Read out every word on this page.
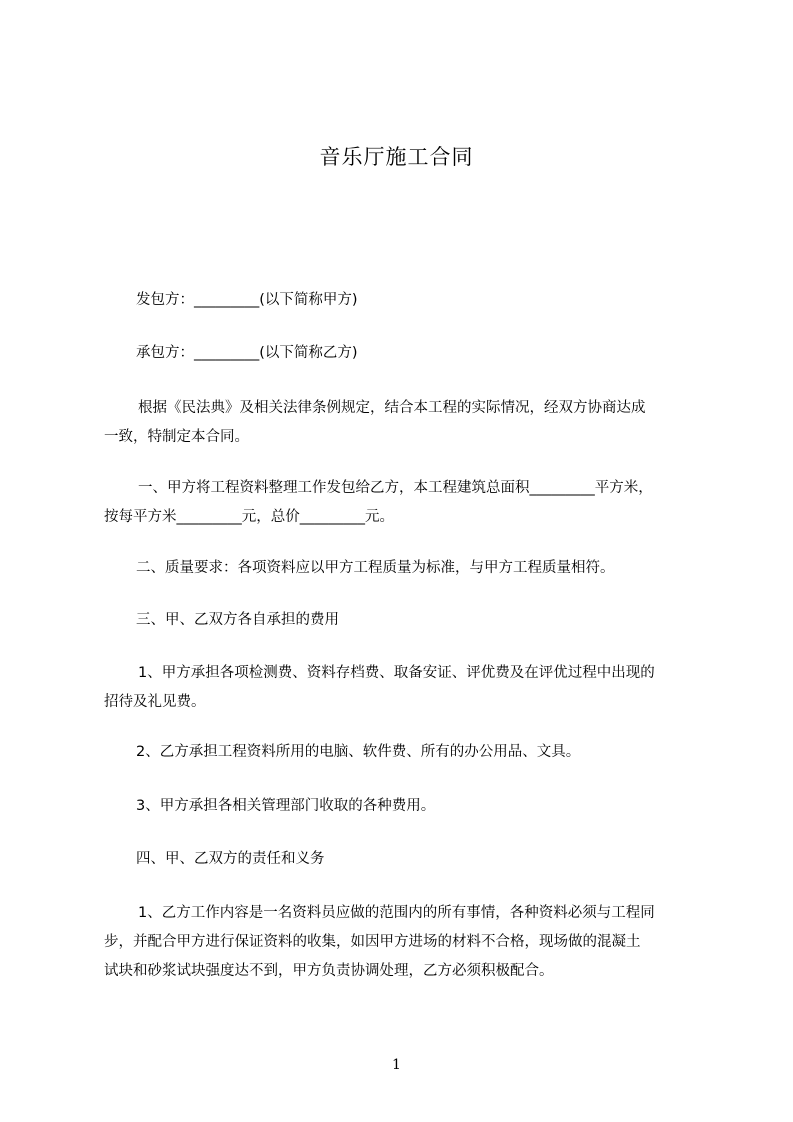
音乐厅施工合同

发包方：_________(以下简称甲方)

承包方：_________(以下简称乙方)

根据《民法典》及相关法律条例规定，结合本工程的实际情况，经双方协商达成
一致，特制定本合同。

一、甲方将工程资料整理工作发包给乙方，本工程建筑总面积_________平方米，
按每平方米_________元，总价_________元。

二、质量要求：各项资料应以甲方工程质量为标准，与甲方工程质量相符。

三、甲、乙双方各自承担的费用

1、甲方承担各项检测费、资料存档费、取备安证、评优费及在评优过程中出现的
招待及礼见费。

2、乙方承担工程资料所用的电脑、软件费、所有的办公用品、文具。

3、甲方承担各相关管理部门收取的各种费用。

四、甲、乙双方的责任和义务

1、乙方工作内容是一名资料员应做的范围内的所有事情，各种资料必须与工程同
步，并配合甲方进行保证资料的收集，如因甲方进场的材料不合格，现场做的混凝土
试块和砂浆试块强度达不到，甲方负责协调处理，乙方必须积极配合。

1
